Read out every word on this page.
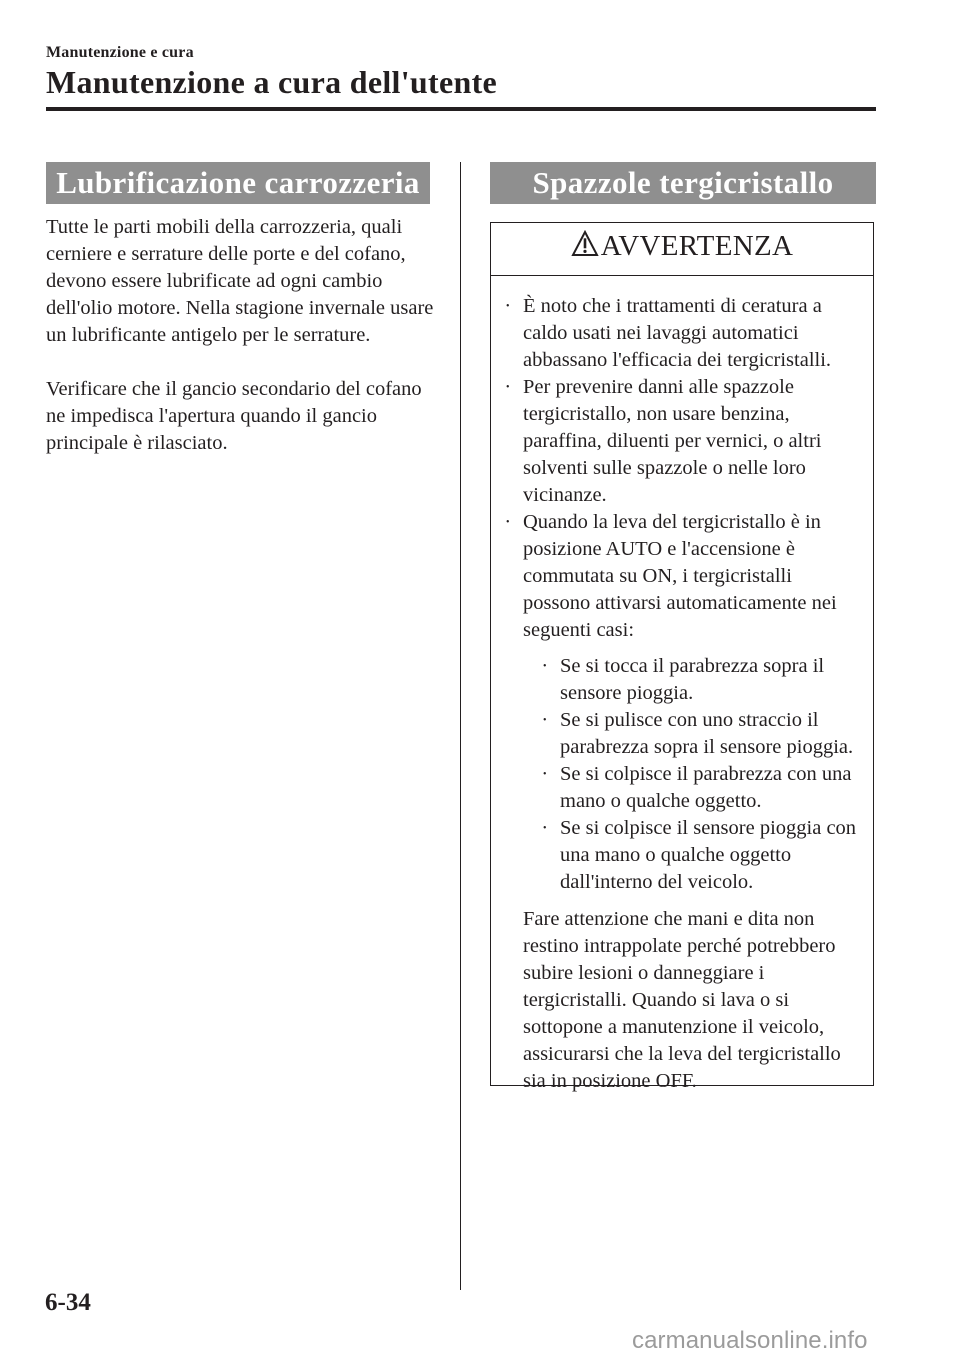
Manutenzione e cura
Manutenzione a cura dell'utente
Lubrificazione carrozzeria

Tutte le parti mobili della carrozzeria, quali cerniere e serrature delle porte e del cofano, devono essere lubrificate ad ogni cambio dell'olio motore. Nella stagione invernale usare un lubrificante antigelo per le serrature.

Verificare che il gancio secondario del cofano ne impedisca l'apertura quando il gancio principale è rilasciato.

Spazzole tergicristallo
AVVERTENZA
• È noto che i trattamenti di ceratura a caldo usati nei lavaggi automatici abbassano l'efficacia dei tergicristalli.
• Per prevenire danni alle spazzole tergicristallo, non usare benzina, paraffina, diluenti per vernici, o altri solventi sulle spazzole o nelle loro vicinanze.
• Quando la leva del tergicristallo è in posizione AUTO e l'accensione è commutata su ON, i tergicristalli possono attivarsi automaticamente nei seguenti casi:
• Se si tocca il parabrezza sopra il sensore pioggia.
• Se si pulisce con uno straccio il parabrezza sopra il sensore pioggia.
• Se si colpisce il parabrezza con una mano o qualche oggetto.
• Se si colpisce il sensore pioggia con una mano o qualche oggetto dall'interno del veicolo.

Fare attenzione che mani e dita non restino intrappolate perché potrebbero subire lesioni o danneggiare i tergicristalli. Quando si lava o si sottopone a manutenzione il veicolo, assicurarsi che la leva del tergicristallo sia in posizione OFF.

6-34
carmanualsonline.info
